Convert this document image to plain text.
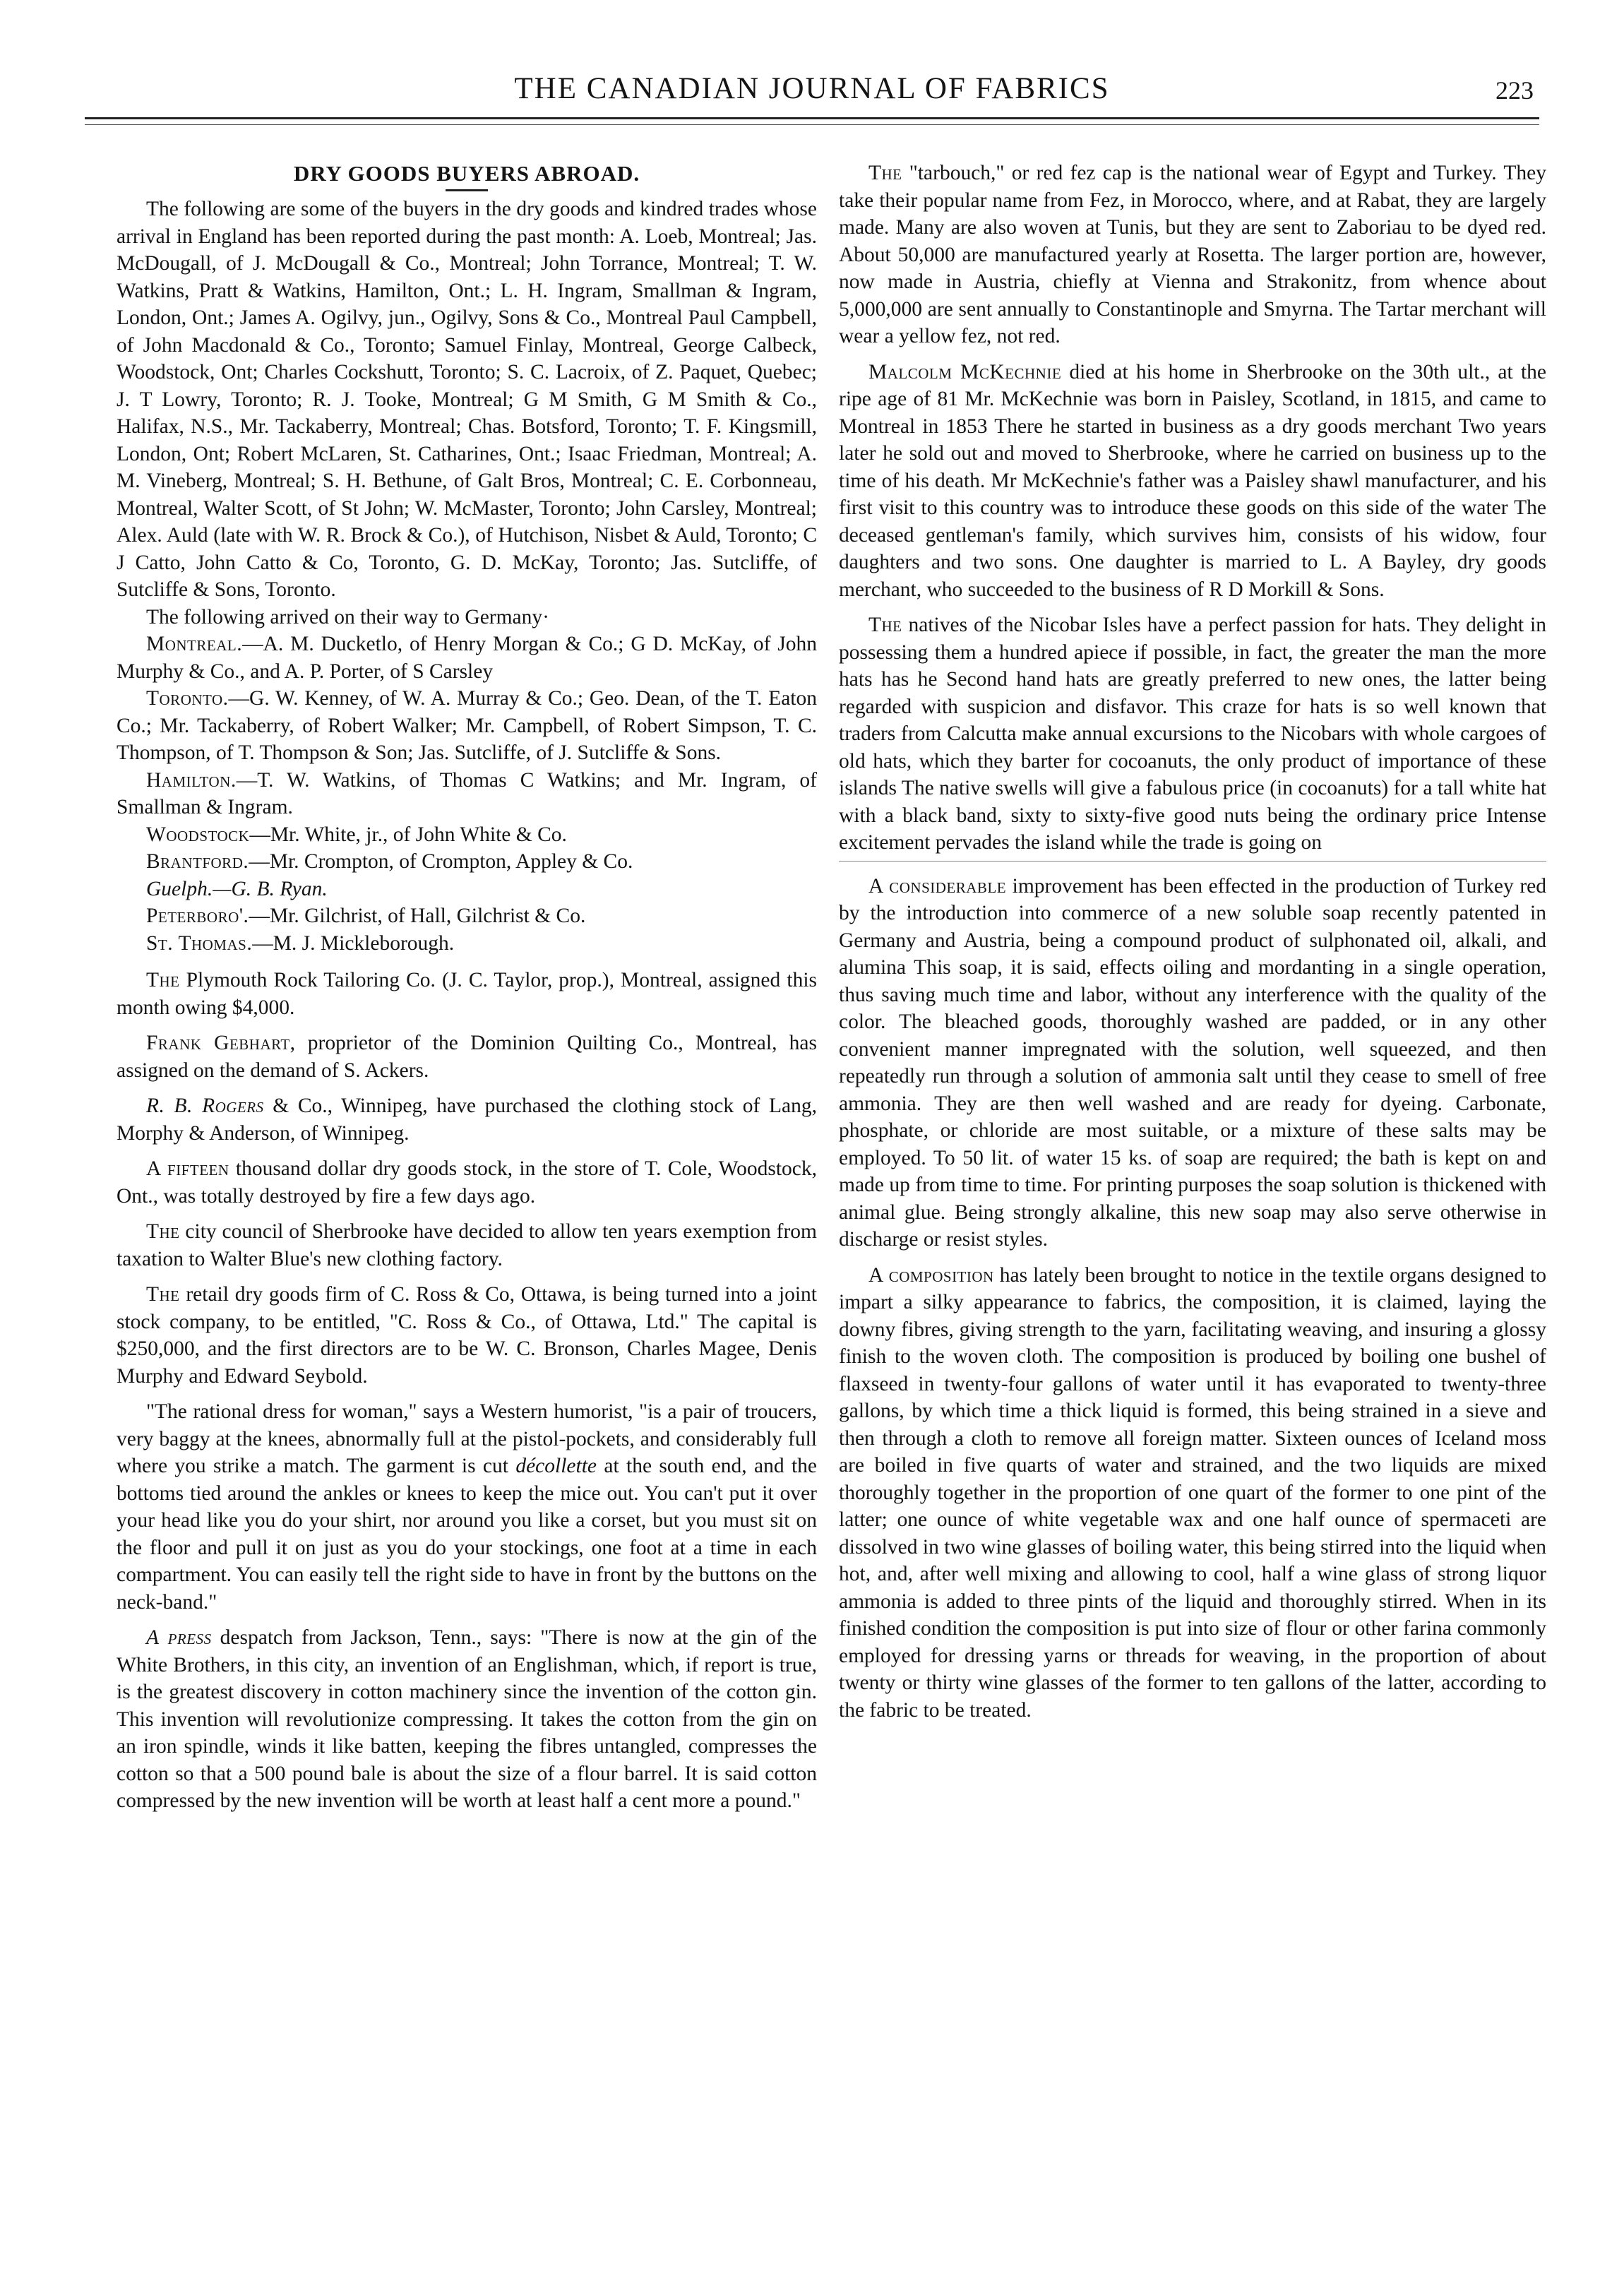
THE CANADIAN JOURNAL OF FABRICS	223
DRY GOODS BUYERS ABROAD.

The following are some of the buyers in the dry goods and kindred trades whose arrival in England has been reported during the past month: A. Loeb, Montreal; Jas. McDougall, of J. McDougall & Co., Montreal; John Torrance, Montreal; T. W. Watkins, Pratt & Watkins, Hamilton, Ont.; L. H. Ingram, Smallman & Ingram, London, Ont.; James A. Ogilvy, jun., Ogilvy, Sons & Co., Montreal Paul Campbell, of John Macdonald & Co., Toronto; Samuel Finlay, Montreal, George Calbeck, Woodstock, Ont; Charles Cockshutt, Toronto; S. C. Lacroix, of Z. Paquet, Quebec; J. T Lowry, Toronto; R. J. Tooke, Montreal; G M Smith, G M Smith & Co., Halifax, N.S., Mr. Tackaberry, Montreal; Chas. Botsford, Toronto; T. F. Kingsmill, London, Ont; Robert McLaren, St. Catharines, Ont.; Isaac Friedman, Montreal; A. M. Vineberg, Montreal; S. H. Bethune, of Galt Bros, Montreal; C. E. Corbonneau, Montreal, Walter Scott, of St John; W. McMaster, Toronto; John Carsley, Montreal; Alex. Auld (late with W. R. Brock & Co.), of Hutchison, Nisbet & Auld, Toronto; C J Catto, John Catto & Co, Toronto, G. D. McKay, Toronto; Jas. Sutcliffe, of Sutcliffe & Sons, Toronto.

The following arrived on their way to Germany·

Montreal.—A. M. Ducketlo, of Henry Morgan & Co.; G D. McKay, of John Murphy & Co., and A. P. Porter, of S Carsley

Toronto.—G. W. Kenney, of W. A. Murray & Co.; Geo. Dean, of the T. Eaton Co.; Mr. Tackaberry, of Robert Walker; Mr. Campbell, of Robert Simpson, T. C. Thompson, of T. Thompson & Son; Jas. Sutcliffe, of J. Sutcliffe & Sons.

Hamilton.—T. W. Watkins, of Thomas C Watkins; and Mr. Ingram, of Smallman & Ingram.

Woodstock—Mr. White, jr., of John White & Co.

Brantford.—Mr. Crompton, of Crompton, Appley & Co.

Guelph.—G. B. Ryan.

Peterboro'.—Mr. Gilchrist, of Hall, Gilchrist & Co.

St. Thomas.—M. J. Mickleborough.

The Plymouth Rock Tailoring Co. (J. C. Taylor, prop.), Montreal, assigned this month owing $4,000.

Frank Gebhart, proprietor of the Dominion Quilting Co., Montreal, has assigned on the demand of S. Ackers.

R. B. Rogers & Co., Winnipeg, have purchased the clothing stock of Lang, Morphy & Anderson, of Winnipeg.

A fifteen thousand dollar dry goods stock, in the store of T. Cole, Woodstock, Ont., was totally destroyed by fire a few days ago.

The city council of Sherbrooke have decided to allow ten years exemption from taxation to Walter Blue's new clothing factory.

The retail dry goods firm of C. Ross & Co, Ottawa, is being turned into a joint stock company, to be entitled, "C. Ross & Co., of Ottawa, Ltd." The capital is $250,000, and the first directors are to be W. C. Bronson, Charles Magee, Denis Murphy and Edward Seybold.

"The rational dress for woman," says a Western humorist, "is a pair of troucers, very baggy at the knees, abnormally full at the pistol-pockets, and considerably full where you strike a match. The garment is cut décollette at the south end, and the bottoms tied around the ankles or knees to keep the mice out. You can't put it over your head like you do your shirt, nor around you like a corset, but you must sit on the floor and pull it on just as you do your stockings, one foot at a time in each compartment. You can easily tell the right side to have in front by the buttons on the neck-band."

A press despatch from Jackson, Tenn., says: "There is now at the gin of the White Brothers, in this city, an invention of an Englishman, which, if report is true, is the greatest discovery in cotton machinery since the invention of the cotton gin. This invention will revolutionize compressing. It takes the cotton from the gin on an iron spindle, winds it like batten, keeping the fibres untangled, compresses the cotton so that a 500 pound bale is about the size of a flour barrel. It is said cotton compressed by the new invention will be worth at least half a cent more a pound."

The "tarbouch," or red fez cap is the national wear of Egypt and Turkey. They take their popular name from Fez, in Morocco, where, and at Rabat, they are largely made. Many are also woven at Tunis, but they are sent to Zaboriau to be dyed red. About 50,000 are manufactured yearly at Rosetta. The larger portion are, however, now made in Austria, chiefly at Vienna and Strakonitz, from whence about 5,000,000 are sent annually to Constantinople and Smyrna. The Tartar merchant will wear a yellow fez, not red.

Malcolm McKechnie died at his home in Sherbrooke on the 30th ult., at the ripe age of 81 Mr. McKechnie was born in Paisley, Scotland, in 1815, and came to Montreal in 1853 There he started in business as a dry goods merchant Two years later he sold out and moved to Sherbrooke, where he carried on business up to the time of his death. Mr McKechnie's father was a Paisley shawl manufacturer, and his first visit to this country was to introduce these goods on this side of the water The deceased gentleman's family, which survives him, consists of his widow, four daughters and two sons. One daughter is married to L. A Bayley, dry goods merchant, who succeeded to the business of R D Morkill & Sons.

The natives of the Nicobar Isles have a perfect passion for hats. They delight in possessing them a hundred apiece if possible, in fact, the greater the man the more hats has he Second hand hats are greatly preferred to new ones, the latter being regarded with suspicion and disfavor. This craze for hats is so well known that traders from Calcutta make annual excursions to the Nicobars with whole cargoes of old hats, which they barter for cocoanuts, the only product of importance of these islands The native swells will give a fabulous price (in cocoanuts) for a tall white hat with a black band, sixty to sixty-five good nuts being the ordinary price Intense excitement pervades the island while the trade is going on

A considerable improvement has been effected in the production of Turkey red by the introduction into commerce of a new soluble soap recently patented in Germany and Austria, being a compound product of sulphonated oil, alkali, and alumina This soap, it is said, effects oiling and mordanting in a single operation, thus saving much time and labor, without any interference with the quality of the color. The bleached goods, thoroughly washed are padded, or in any other convenient manner impregnated with the solution, well squeezed, and then repeatedly run through a solution of ammonia salt until they cease to smell of free ammonia. They are then well washed and are ready for dyeing. Carbonate, phosphate, or chloride are most suitable, or a mixture of these salts may be employed. To 50 lit. of water 15 ks. of soap are required; the bath is kept on and made up from time to time. For printing purposes the soap solution is thickened with animal glue. Being strongly alkaline, this new soap may also serve otherwise in discharge or resist styles.

A composition has lately been brought to notice in the textile organs designed to impart a silky appearance to fabrics, the composition, it is claimed, laying the downy fibres, giving strength to the yarn, facilitating weaving, and insuring a glossy finish to the woven cloth. The composition is produced by boiling one bushel of flaxseed in twenty-four gallons of water until it has evaporated to twenty-three gallons, by which time a thick liquid is formed, this being strained in a sieve and then through a cloth to remove all foreign matter. Sixteen ounces of Iceland moss are boiled in five quarts of water and strained, and the two liquids are mixed thoroughly together in the proportion of one quart of the former to one pint of the latter; one ounce of white vegetable wax and one half ounce of spermaceti are dissolved in two wine glasses of boiling water, this being stirred into the liquid when hot, and, after well mixing and allowing to cool, half a wine glass of strong liquor ammonia is added to three pints of the liquid and thoroughly stirred. When in its finished condition the composition is put into size of flour or other farina commonly employed for dressing yarns or threads for weaving, in the proportion of about twenty or thirty wine glasses of the former to ten gallons of the latter, according to the fabric to be treated.
